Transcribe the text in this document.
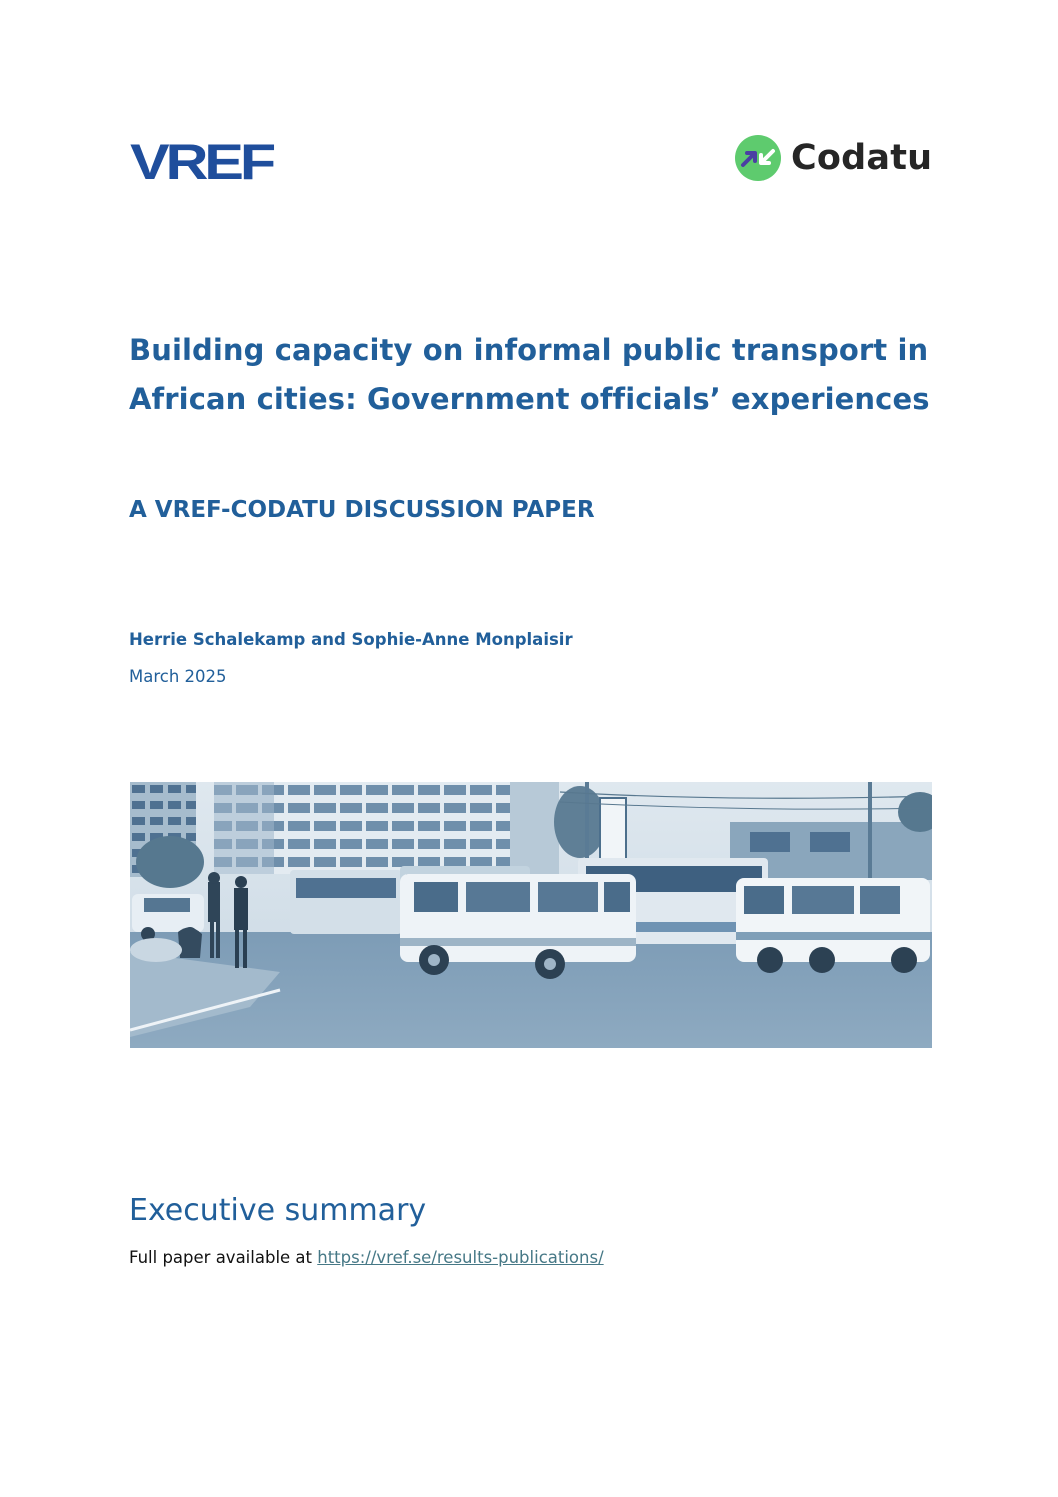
VREF	Codatu
Building capacity on informal public transport in African cities: Government officials’ experiences
A VREF-CODATU DISCUSSION PAPER

Herrie Schalekamp and Sophie-Anne Monplaisir

March 2025

Executive summary

Full paper available at https://vref.se/results-publications/
